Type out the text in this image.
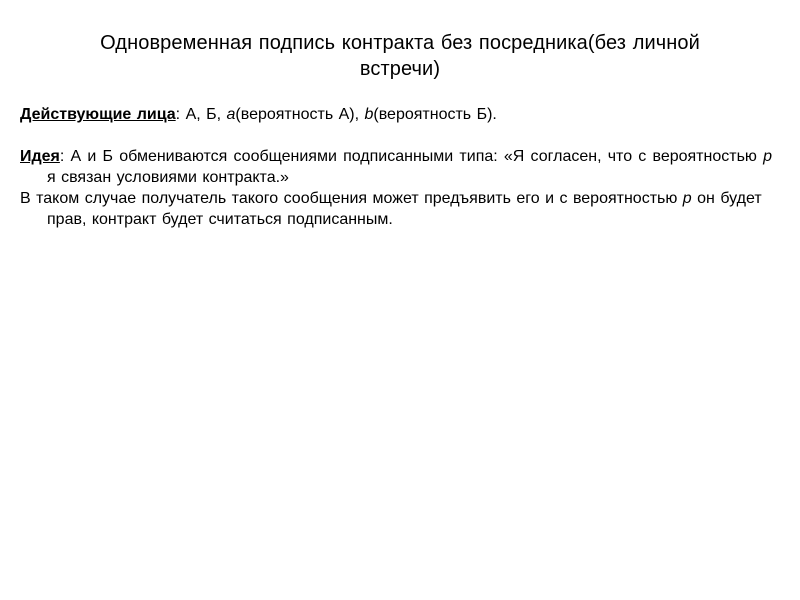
Одновременная подпись контракта без посредника(без личной встречи)

Действующие лица: А, Б, a(вероятность А), b(вероятность Б).

Идея: А и Б обмениваются сообщениями подписанными типа: «Я согласен, что с вероятностью p я связан условиями контракта.»

В таком случае получатель такого сообщения может предъявить его и с вероятностью p он будет прав, контракт будет считаться подписанным.
